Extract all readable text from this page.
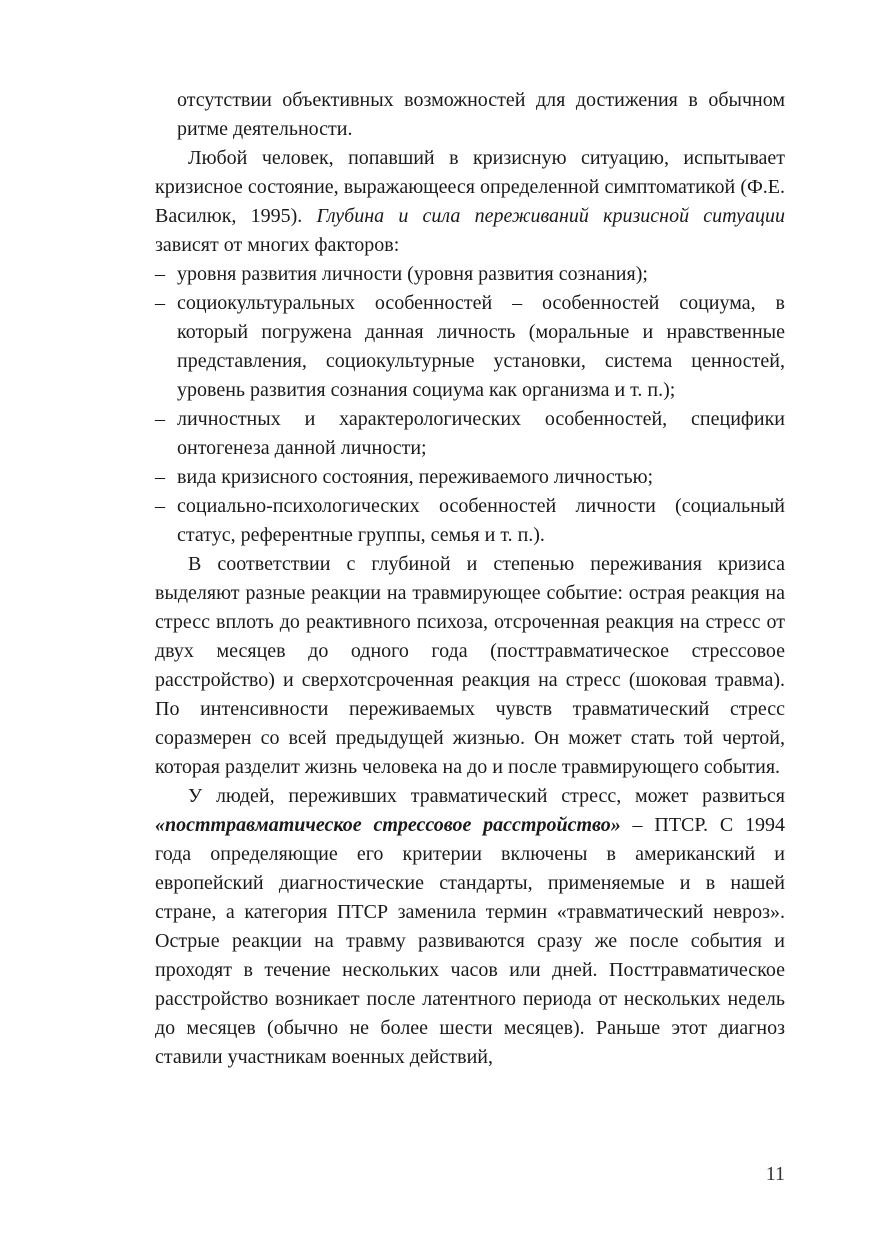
отсутствии объективных возможностей для достижения в обычном ритме деятельности.

Любой человек, попавший в кризисную ситуацию, испытывает кризисное состояние, выражающееся определенной симптоматикой (Ф.Е. Василюк, 1995). Глубина и сила переживаний кризисной ситуации зависят от многих факторов:

– уровня развития личности (уровня развития сознания);
– социокультуральных особенностей – особенностей социума, в который погружена данная личность (моральные и нравственные представления, социокультурные установки, система ценностей, уровень развития сознания социума как организма и т. п.);
– личностных и характерологических особенностей, специфики онтогенеза данной личности;
– вида кризисного состояния, переживаемого личностью;
– социально-психологических особенностей личности (социальный статус, референтные группы, семья и т. п.).

В соответствии с глубиной и степенью переживания кризиса выделяют разные реакции на травмирующее событие: острая реакция на стресс вплоть до реактивного психоза, отсроченная реакция на стресс от двух месяцев до одного года (посттравматическое стрессовое расстройство) и сверхотсроченная реакция на стресс (шоковая травма). По интенсивности переживаемых чувств травматический стресс соразмерен со всей предыдущей жизнью. Он может стать той чертой, которая разделит жизнь человека на до и после травмирующего события.

У людей, переживших травматический стресс, может развиться «посттравматическое стрессовое расстройство» – ПТСР. С 1994 года определяющие его критерии включены в американский и европейский диагностические стандарты, применяемые и в нашей стране, а категория ПТСР заменила термин «травматический невроз». Острые реакции на травму развиваются сразу же после события и проходят в течение нескольких часов или дней. Посттравматическое расстройство возникает после латентного периода от нескольких недель до месяцев (обычно не более шести месяцев). Раньше этот диагноз ставили участникам военных действий,

11
